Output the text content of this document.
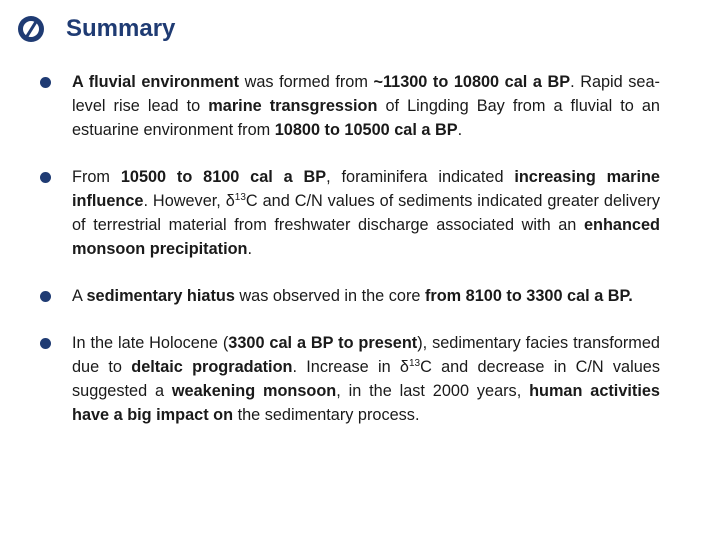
Summary
A fluvial environment was formed from ~11300 to 10800 cal a BP. Rapid sea-level rise lead to marine transgression of Lingding Bay from a fluvial to an estuarine environment from 10800 to 10500 cal a BP.
From 10500 to 8100 cal a BP, foraminifera indicated increasing marine influence. However, $\delta^{13}C$ and C/N values of sediments indicated greater delivery of terrestrial material from freshwater discharge associated with an enhanced monsoon precipitation.
A sedimentary hiatus was observed in the core from 8100 to 3300 cal a BP.
In the late Holocene (3300 cal a BP to present), sedimentary facies transformed due to deltaic progradation. Increase in $\delta^{13}C$ and decrease in C/N values suggested a weakening monsoon, in the last 2000 years, human activities have a big impact on the sedimentary process.
